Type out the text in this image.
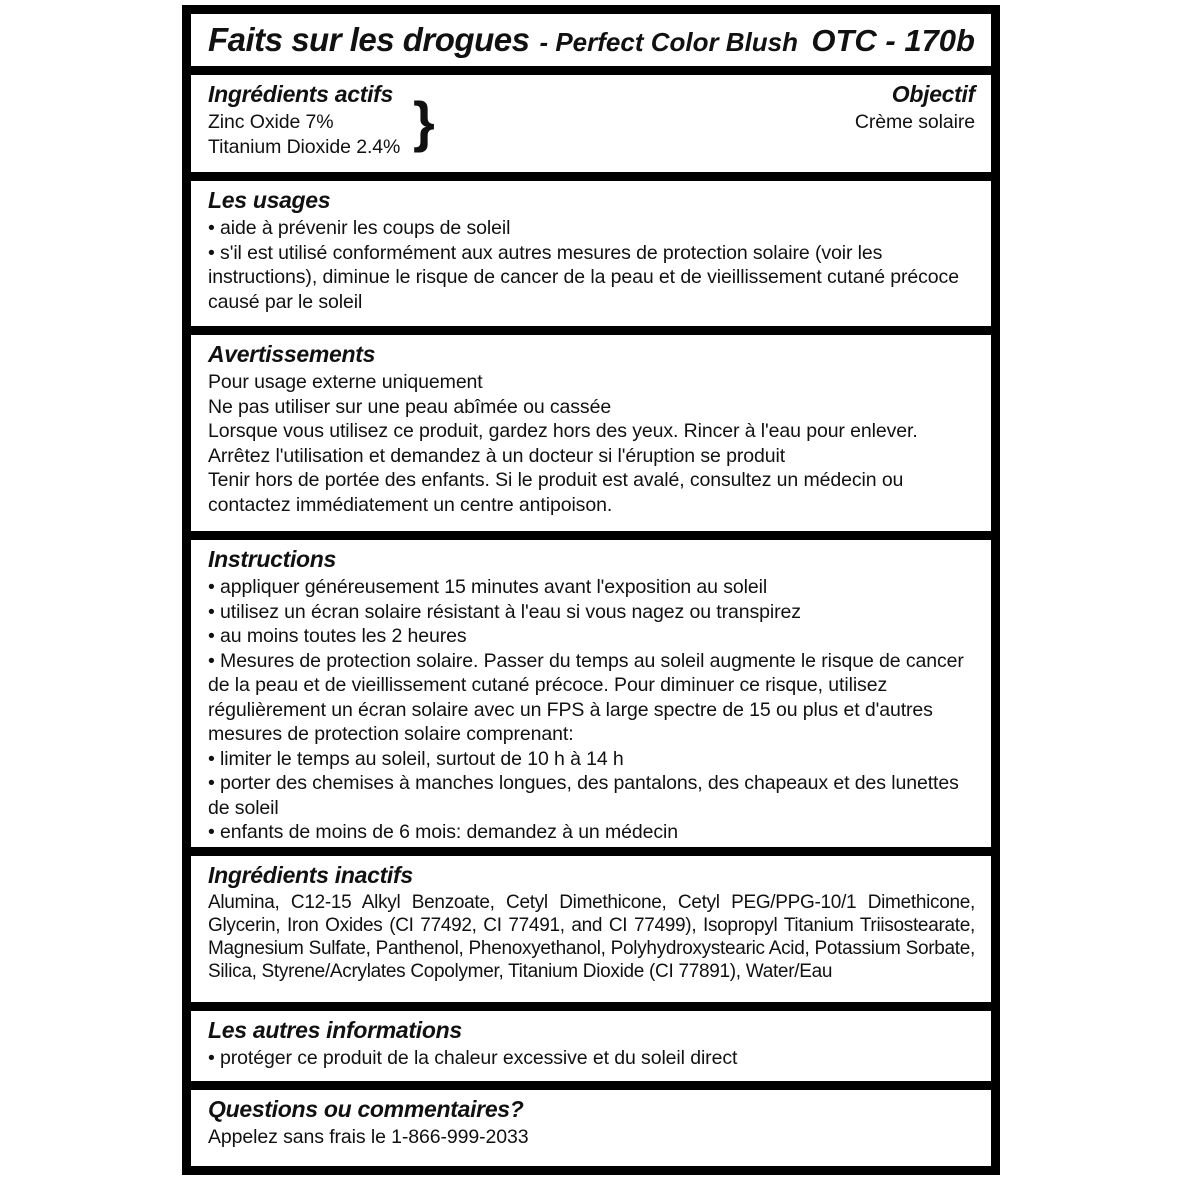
Faits sur les drogues - Perfect Color Blush OTC - 170b
Ingrédients actifs
Zinc Oxide 7%
Titanium Dioxide 2.4% }	Objectif
Crème solaire
Les usages
• aide à prévenir les coups de soleil
• s'il est utilisé conformément aux autres mesures de protection solaire (voir les instructions), diminue le risque de cancer de la peau et de vieillissement cutané précoce causé par le soleil
Avertissements
Pour usage externe uniquement
Ne pas utiliser sur une peau abîmée ou cassée
Lorsque vous utilisez ce produit, gardez hors des yeux. Rincer à l'eau pour enlever.
Arrêtez l'utilisation et demandez à un docteur si l'éruption se produit
Tenir hors de portée des enfants. Si le produit est avalé, consultez un médecin ou contactez immédiatement un centre antipoison.
Instructions
• appliquer généreusement 15 minutes avant l'exposition au soleil
• utilisez un écran solaire résistant à l'eau si vous nagez ou transpirez
• au moins toutes les 2 heures
• Mesures de protection solaire. Passer du temps au soleil augmente le risque de cancer de la peau et de vieillissement cutané précoce. Pour diminuer ce risque, utilisez régulièrement un écran solaire avec un FPS à large spectre de 15 ou plus et d'autres mesures de protection solaire comprenant:
• limiter le temps au soleil, surtout de 10 h à 14 h
• porter des chemises à manches longues, des pantalons, des chapeaux et des lunettes de soleil
• enfants de moins de 6 mois: demandez à un médecin
Ingrédients inactifs
Alumina, C12-15 Alkyl Benzoate, Cetyl Dimethicone, Cetyl PEG/PPG-10/1 Dimethicone, Glycerin, Iron Oxides (CI 77492, CI 77491, and CI 77499), Isopropyl Titanium Triisostearate, Magnesium Sulfate, Panthenol, Phenoxyethanol, Polyhydroxystearic Acid, Potassium Sorbate, Silica, Styrene/Acrylates Copolymer, Titanium Dioxide (CI 77891), Water/Eau
Les autres informations
• protéger ce produit de la chaleur excessive et du soleil direct
Questions ou commentaires?
Appelez sans frais le 1-866-999-2033
